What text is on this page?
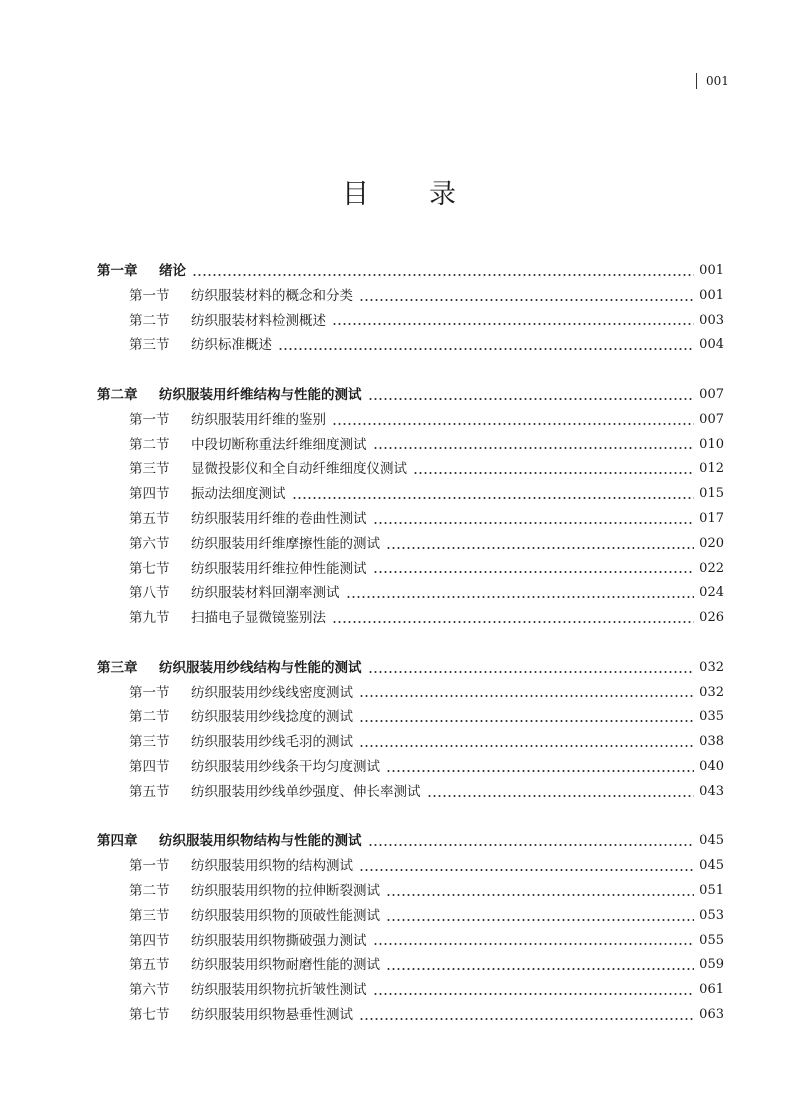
001
目 录
第一章	绪论	001
第一节	纺织服装材料的概念和分类	001
第二节	纺织服装材料检测概述	003
第三节	纺织标准概述	004
第二章	纺织服装用纤维结构与性能的测试	007
第一节	纺织服装用纤维的鉴别	007
第二节	中段切断称重法纤维细度测试	010
第三节	显微投影仪和全自动纤维细度仪测试	012
第四节	振动法细度测试	015
第五节	纺织服装用纤维的卷曲性测试	017
第六节	纺织服装用纤维摩擦性能的测试	020
第七节	纺织服装用纤维拉伸性能测试	022
第八节	纺织服装材料回潮率测试	024
第九节	扫描电子显微镜鉴别法	026
第三章	纺织服装用纱线结构与性能的测试	032
第一节	纺织服装用纱线线密度测试	032
第二节	纺织服装用纱线捻度的测试	035
第三节	纺织服装用纱线毛羽的测试	038
第四节	纺织服装用纱线条干均匀度测试	040
第五节	纺织服装用纱线单纱强度、伸长率测试	043
第四章	纺织服装用织物结构与性能的测试	045
第一节	纺织服装用织物的结构测试	045
第二节	纺织服装用织物的拉伸断裂测试	051
第三节	纺织服装用织物的顶破性能测试	053
第四节	纺织服装用织物撕破强力测试	055
第五节	纺织服装用织物耐磨性能的测试	059
第六节	纺织服装用织物抗折皱性测试	061
第七节	纺织服装用织物悬垂性测试	063
